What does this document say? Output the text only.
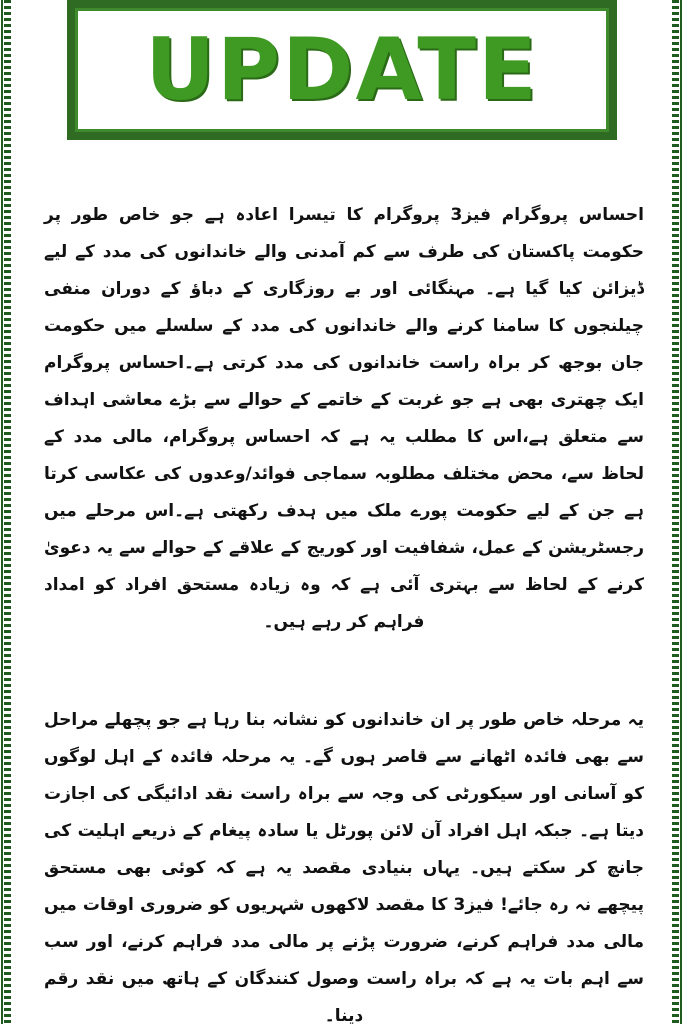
UPDATE

احساس پروگرام فیز3 پروگرام کا تیسرا اعادہ ہے جو خاص طور پر حکومت پاکستان کی طرف سے کم آمدنی والے خاندانوں کی مدد کے لیے ڈیزائن کیا گیا ہے۔ مہنگائی اور بے روزگاری کے دباؤ کے دوران منفی چیلنجوں کا سامنا کرنے والے خاندانوں کی مدد کے سلسلے میں حکومت جان بوجھ کر براہ راست خاندانوں کی مدد کرتی ہے۔احساس پروگرام ایک چھتری بھی ہے جو غربت کے خاتمے کے حوالے سے بڑے معاشی اہداف سے متعلق ہے،اس کا مطلب یہ ہے کہ احساس پروگرام، مالی مدد کے لحاظ سے، محض مختلف مطلوبہ سماجی فوائد/وعدوں کی عکاسی کرتا ہے جن کے لیے حکومت پورے ملک میں ہدف رکھتی ہے۔اس مرحلے میں رجسٹریشن کے عمل، شفافیت اور کوریج کے علاقے کے حوالے سے یہ دعویٰ کرنے کے لحاظ سے بہتری آئی ہے کہ وہ زیادہ مستحق افراد کو امداد فراہم کر رہے ہیں۔

یہ مرحلہ خاص طور پر ان خاندانوں کو نشانہ بنا رہا ہے جو پچھلے مراحل سے بھی فائدہ اٹھانے سے قاصر ہوں گے۔ یہ مرحلہ فائدہ کے اہل لوگوں کو آسانی اور سیکورٹی کی وجہ سے براہ راست نقد ادائیگی کی اجازت دیتا ہے۔ جبکہ اہل افراد آن لائن پورٹل یا سادہ پیغام کے ذریعے اہلیت کی جانچ کر سکتے ہیں۔ یہاں بنیادی مقصد یہ ہے کہ کوئی بھی مستحق پیچھے نہ رہ جائے! فیز3 کا مقصد لاکھوں شہریوں کو ضروری اوقات میں مالی مدد فراہم کرنے، ضرورت پڑنے پر مالی مدد فراہم کرنے، اور سب سے اہم بات یہ ہے کہ براہ راست وصول کنندگان کے ہاتھ میں نقد رقم دینا۔
